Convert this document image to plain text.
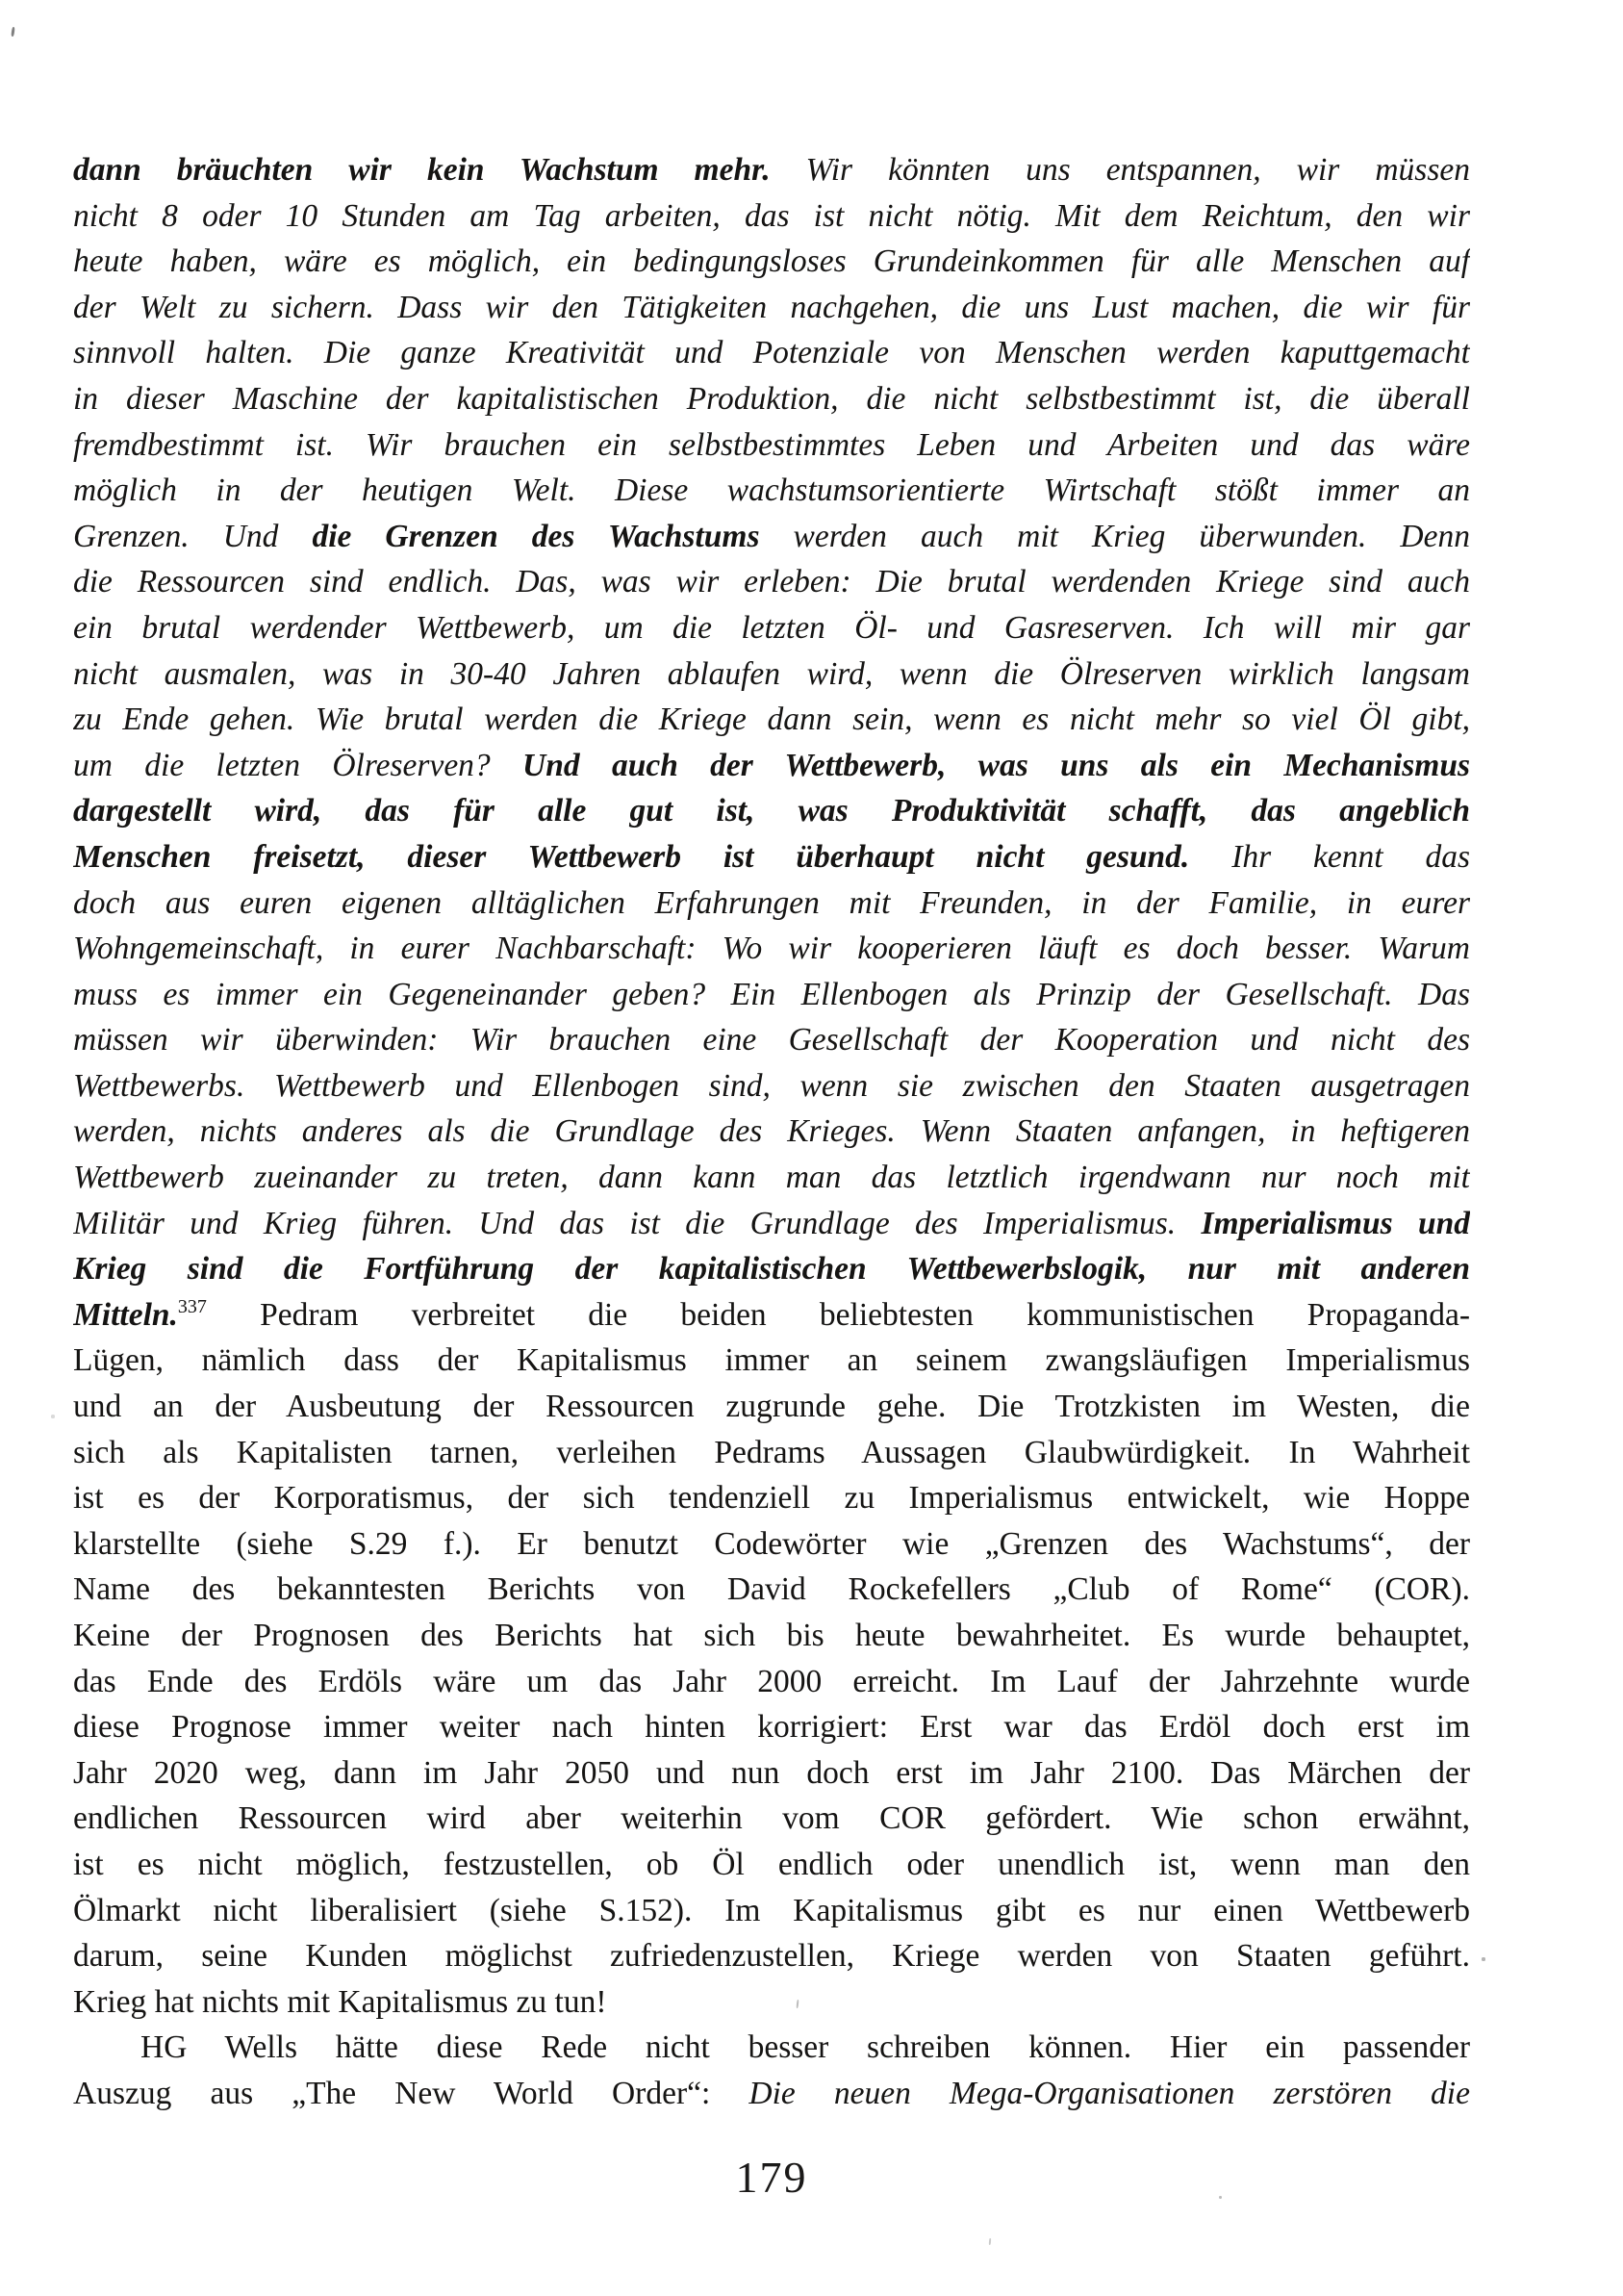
dann bräuchten wir kein Wachstum mehr. Wir könnten uns entspannen, wir müssen
nicht 8 oder 10 Stunden am Tag arbeiten, das ist nicht nötig. Mit dem Reichtum, den wir
heute haben, wäre es möglich, ein bedingungsloses Grundeinkommen für alle Menschen auf
der Welt zu sichern. Dass wir den Tätigkeiten nachgehen, die uns Lust machen, die wir für
sinnvoll halten. Die ganze Kreativität und Potenziale von Menschen werden kaputtgemacht
in dieser Maschine der kapitalistischen Produktion, die nicht selbstbestimmt ist, die überall
fremdbestimmt ist. Wir brauchen ein selbstbestimmtes Leben und Arbeiten und das wäre
möglich in der heutigen Welt. Diese wachstumsorientierte Wirtschaft stößt immer an
Grenzen. Und die Grenzen des Wachstums werden auch mit Krieg überwunden. Denn
die Ressourcen sind endlich. Das, was wir erleben: Die brutal werdenden Kriege sind auch
ein brutal werdender Wettbewerb, um die letzten Öl- und Gasreserven. Ich will mir gar
nicht ausmalen, was in 30-40 Jahren ablaufen wird, wenn die Ölreserven wirklich langsam
zu Ende gehen. Wie brutal werden die Kriege dann sein, wenn es nicht mehr so viel Öl gibt,
um die letzten Ölreserven? Und auch der Wettbewerb, was uns als ein Mechanismus
dargestellt wird, das für alle gut ist, was Produktivität schafft, das angeblich
Menschen freisetzt, dieser Wettbewerb ist überhaupt nicht gesund. Ihr kennt das
doch aus euren eigenen alltäglichen Erfahrungen mit Freunden, in der Familie, in eurer
Wohngemeinschaft, in eurer Nachbarschaft: Wo wir kooperieren läuft es doch besser. Warum
muss es immer ein Gegeneinander geben? Ein Ellenbogen als Prinzip der Gesellschaft. Das
müssen wir überwinden: Wir brauchen eine Gesellschaft der Kooperation und nicht des
Wettbewerbs. Wettbewerb und Ellenbogen sind, wenn sie zwischen den Staaten ausgetragen
werden, nichts anderes als die Grundlage des Krieges. Wenn Staaten anfangen, in heftigeren
Wettbewerb zueinander zu treten, dann kann man das letztlich irgendwann nur noch mit
Militär und Krieg führen. Und das ist die Grundlage des Imperialismus. Imperialismus und
Krieg sind die Fortführung der kapitalistischen Wettbewerbslogik, nur mit anderen
Mitteln.$^{337}$ Pedram verbreitet die beiden beliebtesten kommunistischen Propaganda-
Lügen, nämlich dass der Kapitalismus immer an seinem zwangsläufigen Imperialismus
und an der Ausbeutung der Ressourcen zugrunde gehe. Die Trotzkisten im Westen, die
sich als Kapitalisten tarnen, verleihen Pedrams Aussagen Glaubwürdigkeit. In Wahrheit
ist es der Korporatismus, der sich tendenziell zu Imperialismus entwickelt, wie Hoppe
klarstellte (siehe S.29 f.). Er benutzt Codewörter wie „Grenzen des Wachstums“, der
Name des bekanntesten Berichts von David Rockefellers „Club of Rome“ (COR).
Keine der Prognosen des Berichts hat sich bis heute bewahrheitet. Es wurde behauptet,
das Ende des Erdöls wäre um das Jahr 2000 erreicht. Im Lauf der Jahrzehnte wurde
diese Prognose immer weiter nach hinten korrigiert: Erst war das Erdöl doch erst im
Jahr 2020 weg, dann im Jahr 2050 und nun doch erst im Jahr 2100. Das Märchen der
endlichen Ressourcen wird aber weiterhin vom COR gefördert. Wie schon erwähnt,
ist es nicht möglich, festzustellen, ob Öl endlich oder unendlich ist, wenn man den
Ölmarkt nicht liberalisiert (siehe S.152). Im Kapitalismus gibt es nur einen Wettbewerb
darum, seine Kunden möglichst zufriedenzustellen, Kriege werden von Staaten geführt.
Krieg hat nichts mit Kapitalismus zu tun!
HG Wells hätte diese Rede nicht besser schreiben können. Hier ein passender
Auszug aus „The New World Order“: Die neuen Mega-Organisationen zerstören die
179
